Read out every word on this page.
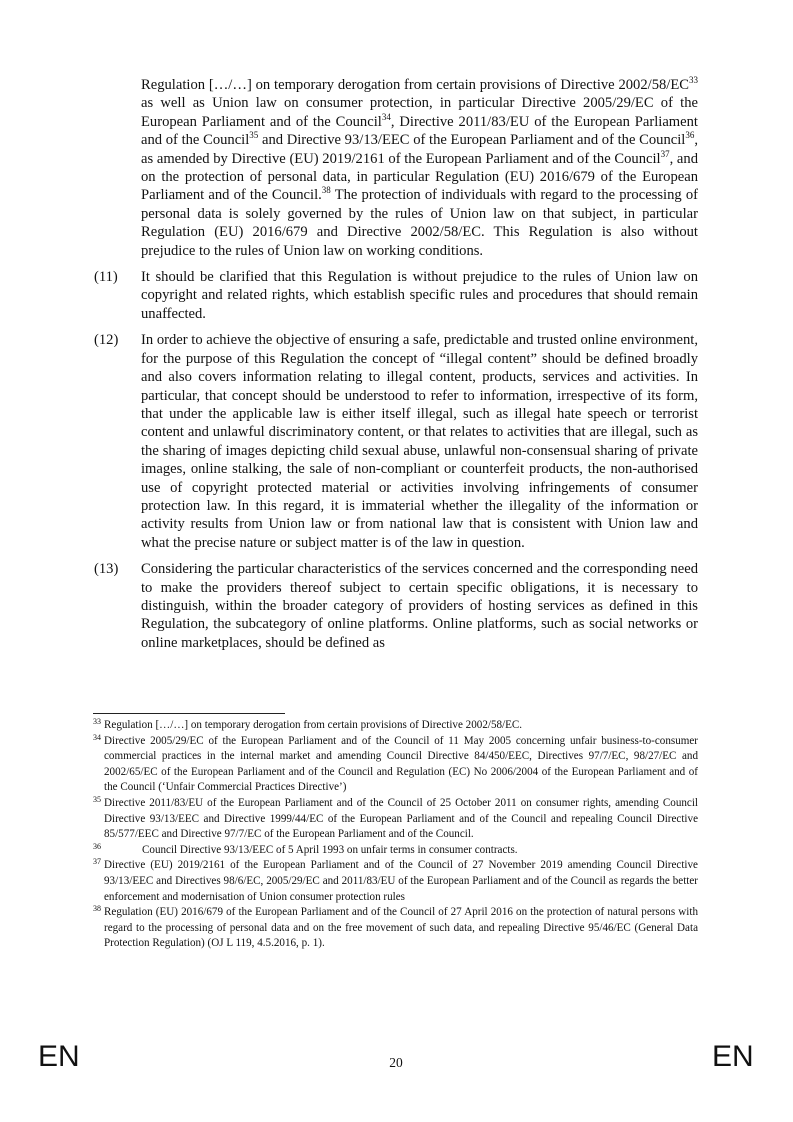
Regulation […/…] on temporary derogation from certain provisions of Directive 2002/58/EC$^{33}$ as well as Union law on consumer protection, in particular Directive 2005/29/EC of the European Parliament and of the Council$^{34}$, Directive 2011/83/EU of the European Parliament and of the Council$^{35}$ and Directive 93/13/EEC of the European Parliament and of the Council$^{36}$, as amended by Directive (EU) 2019/2161 of the European Parliament and of the Council$^{37}$, and on the protection of personal data, in particular Regulation (EU) 2016/679 of the European Parliament and of the Council.$^{38}$ The protection of individuals with regard to the processing of personal data is solely governed by the rules of Union law on that subject, in particular Regulation (EU) 2016/679 and Directive 2002/58/EC. This Regulation is also without prejudice to the rules of Union law on working conditions.

(11) It should be clarified that this Regulation is without prejudice to the rules of Union law on copyright and related rights, which establish specific rules and procedures that should remain unaffected.

(12) In order to achieve the objective of ensuring a safe, predictable and trusted online environment, for the purpose of this Regulation the concept of “illegal content” should be defined broadly and also covers information relating to illegal content, products, services and activities. In particular, that concept should be understood to refer to information, irrespective of its form, that under the applicable law is either itself illegal, such as illegal hate speech or terrorist content and unlawful discriminatory content, or that relates to activities that are illegal, such as the sharing of images depicting child sexual abuse, unlawful non-consensual sharing of private images, online stalking, the sale of non-compliant or counterfeit products, the non-authorised use of copyright protected material or activities involving infringements of consumer protection law. In this regard, it is immaterial whether the illegality of the information or activity results from Union law or from national law that is consistent with Union law and what the precise nature or subject matter is of the law in question.

(13) Considering the particular characteristics of the services concerned and the corresponding need to make the providers thereof subject to certain specific obligations, it is necessary to distinguish, within the broader category of providers of hosting services as defined in this Regulation, the subcategory of online platforms. Online platforms, such as social networks or online marketplaces, should be defined as

33 Regulation […/…] on temporary derogation from certain provisions of Directive 2002/58/EC.

34 Directive 2005/29/EC of the European Parliament and of the Council of 11 May 2005 concerning unfair business-to-consumer commercial practices in the internal market and amending Council Directive 84/450/EEC, Directives 97/7/EC, 98/27/EC and 2002/65/EC of the European Parliament and of the Council and Regulation (EC) No 2006/2004 of the European Parliament and of the Council (‘Unfair Commercial Practices Directive’)

35 Directive 2011/83/EU of the European Parliament and of the Council of 25 October 2011 on consumer rights, amending Council Directive 93/13/EEC and Directive 1999/44/EC of the European Parliament and of the Council and repealing Council Directive 85/577/EEC and Directive 97/7/EC of the European Parliament and of the Council.

36	Council Directive 93/13/EEC of 5 April 1993 on unfair terms in consumer contracts.

37 Directive (EU) 2019/2161 of the European Parliament and of the Council of 27 November 2019 amending Council Directive 93/13/EEC and Directives 98/6/EC, 2005/29/EC and 2011/83/EU of the European Parliament and of the Council as regards the better enforcement and modernisation of Union consumer protection rules

38 Regulation (EU) 2016/679 of the European Parliament and of the Council of 27 April 2016 on the protection of natural persons with regard to the processing of personal data and on the free movement of such data, and repealing Directive 95/46/EC (General Data Protection Regulation) (OJ L 119, 4.5.2016, p. 1).

EN	20	EN
